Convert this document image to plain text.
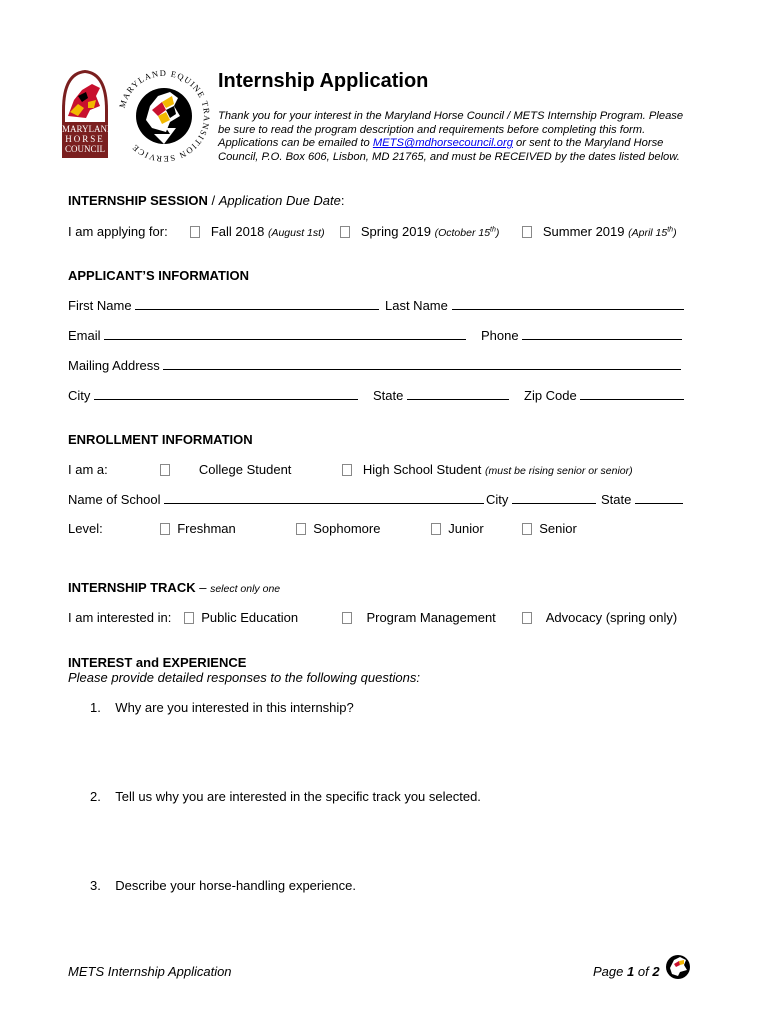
MARYLAND
HORSE
COUNCIL
MARYLAND EQUINE TRANSITION SERVICE
Internship Application
Thank you for your interest in the Maryland Horse Council / METS Internship Program. Please be sure to read the program description and requirements before completing this form. Applications can be emailed to METS@mdhorsecouncil.org or sent to the Maryland Horse Council, P.O. Box 606, Lisbon, MD 21765, and must be RECEIVED by the dates listed below.
INTERNSHIP SESSION / Application Due Date:
I am applying for:	Fall 2018 (August 1st)	Spring 2019 (October 15th)	Summer 2019 (April 15th)
APPLICANT’S INFORMATION
First Name	Last Name
Email	Phone
Mailing Address
City	State	Zip Code
ENROLLMENT INFORMATION
I am a:	College Student	High School Student (must be rising senior or senior)
Name of School	City	State
Level:	Freshman	Sophomore	Junior	Senior
INTERNSHIP TRACK – select only one
I am interested in:	Public Education	Program Management	Advocacy (spring only)
INTEREST and EXPERIENCE
Please provide detailed responses to the following questions:
1.    Why are you interested in this internship?
2.    Tell us why you are interested in the specific track you selected.
3.    Describe your horse-handling experience.
METS Internship Application	Page 1 of 2
